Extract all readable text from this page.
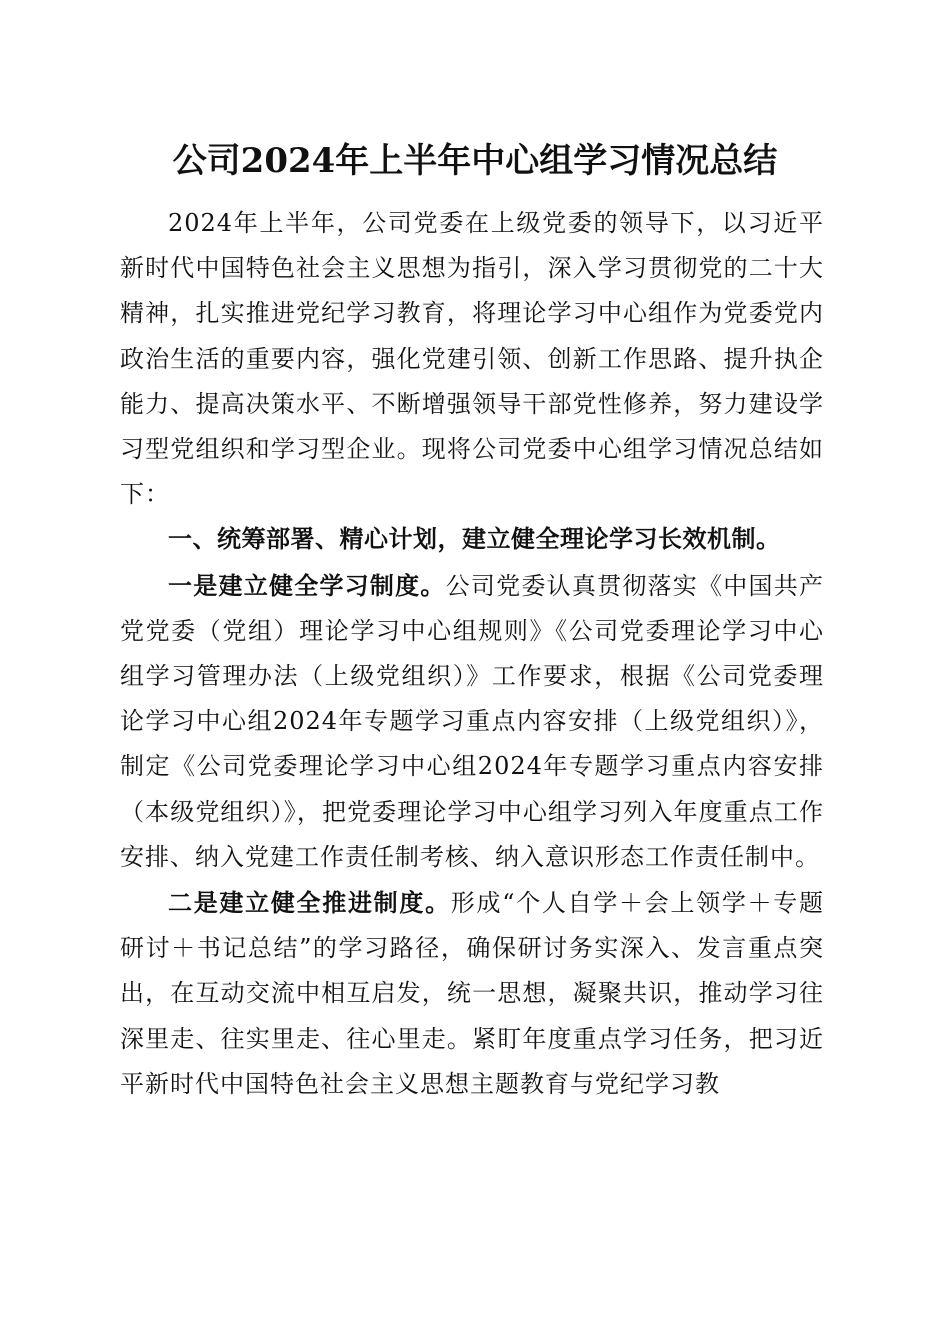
公司2024年上半年中心组学习情况总结

2024年上半年，公司党委在上级党委的领导下，以习近平新时代中国特色社会主义思想为指引，深入学习贯彻党的二十大精神，扎实推进党纪学习教育，将理论学习中心组作为党委党内政治生活的重要内容，强化党建引领、创新工作思路、提升执企能力、提高决策水平、不断增强领导干部党性修养，努力建设学习型党组织和学习型企业。现将公司党委中心组学习情况总结如下：

一、统筹部署、精心计划，建立健全理论学习长效机制。

一是建立健全学习制度。公司党委认真贯彻落实《中国共产党党委（党组）理论学习中心组规则》《公司党委理论学习中心组学习管理办法（上级党组织）》工作要求，根据《公司党委理论学习中心组2024年专题学习重点内容安排（上级党组织）》，制定《公司党委理论学习中心组2024年专题学习重点内容安排（本级党组织）》，把党委理论学习中心组学习列入年度重点工作安排、纳入党建工作责任制考核、纳入意识形态工作责任制中。

二是建立健全推进制度。形成“个人自学＋会上领学＋专题研讨＋书记总结”的学习路径，确保研讨务实深入、发言重点突出，在互动交流中相互启发，统一思想，凝聚共识，推动学习往深里走、往实里走、往心里走。紧盯年度重点学习任务，把习近平新时代中国特色社会主义思想主题教育与党纪学习教
